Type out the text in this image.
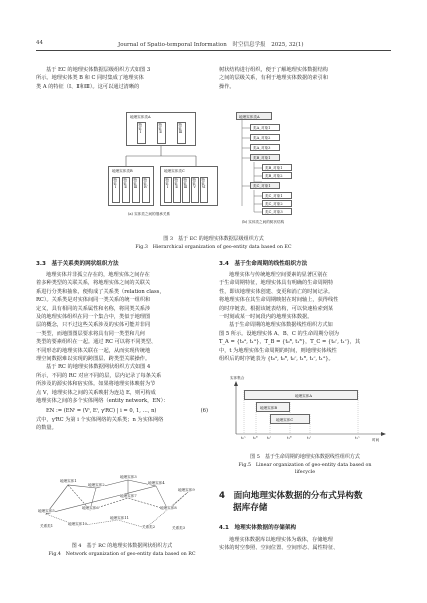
44	Journal of Spatio-temporal Information 时空信息学报 2025, 32(1)

基于 EC 的地理实体数据层级组织方式如图 3

所示。地理实体类 B 和 C 同时集成了地理实体

类 A 的特征（Ⅰ、Ⅱ和Ⅲ）。这可以通过清晰的

树状结构进行组织，便于了解地理实体数据结构

之间的层级关系，有利于地理实体数据的索引和

操作。

地理实体类A
特征Ⅰ	特征Ⅱ	特征Ⅲ
地理实体类B
特征Ⅰ 特征Ⅱ 特征Ⅲ 特征Ⅳ
地理实体类C
特征Ⅰ 特征Ⅱ 特征Ⅲ 特征Ⅴ 特征Ⅵ
(a) 实体类之间的继承关系
地理实体类A
类A_对象1
类A_对象2
类A_对象3
类B_对象1
类B_对象1
类B_对象2
类C_对象1
类C_对象1
类C_对象2
类C_对象3
(b) 实体类之间的树状结构
图 3　基于 EC 的地理实体数据层级组织方式
Fig.3　Hierarchical organization of geo-entity data based on EC
3.3　基于关系类的网状组织方法

地理实体并非孤立存在的，地理实体之间存在

着多种类型的关联关系，将地理实体之间的关联关

系进行分类和抽象，便构成了关系类（relation class，

RC）。关系类是对实体间同一类关系的统一组织和

定义，具有相同的关系属性和名称，将同类关系涉

及的地理实体组织在同一个集合中，类似于地理图

层的概念，只不过这些关系涉及的实体可能并非同

一类型，而地图图层要求将具有同一类型和几何

类型的要素组织在一起。通过 RC 可以将不同类型、

不同形态的地理实体关联在一起，从而实现传统地

理空间数据难以实现的跨图层、跨类型关联操作。

基于 RC 的地理实体数据网状组织方式如图 4

所示，不同的 RC 对应不同的层，层内记录了每条关系

所涉及的源实体和宿实体。如果将地理实体映射为节

点 V，地理实体之间的关系映射为连边 E，则可构成

地理实体之间的多个实体网络（entity network，EN）：

EN := (ENⁱ = (Vⁱ, Eⁱ, γⁱRC) | i = 0, 1, …, n)	(6)

式中，γⁱRC 为第 i 个实体网络的关系类；n 为实体网络

的数量。

地理实体1
地理实体2
地理实体3
地理实体4
地理实体5
地理实体6
地理实体7
地理实体8
地理实体9
地理实体10
地理实体11
关系类1	关系类2	关系类3
图 4　基于 RC 的地理实体数据网状组织方式
Fig.4　Network organization of geo-entity data based on RC
3.4　基于生命周期的线性组织方法

地理实体与传统地理空间要素的显著区别在

于生命周期特征，地理实体具有明确的生命周期特

性，即该地理实体创建、变更和消亡的时间记录。

将地理实体在其生命周期映射在时间轴上，获得线性

的时序链表。根据该链表结构，可以快速检索到某

一时刻或某一时间段内的地理实体数据。

基于生命周期的地理实体数据线性组织方式如

图 5 所示。设地理实体 A、B、C 的生命周期分别为

T_A = {t₀ᴬ, t₁ᴬ}，T_B = {t₀ᴮ, t₁ᴮ}，T_C = {t₀ᶜ, t₁ᶜ}，其

中，t 为地理实体生命周期的时间，则地理实体线性

组织后的时序链表为 {t₀ᴬ, t₀ᴮ, t₀ᶜ, t₁ᴮ, t₁ᶜ, t₁ᴬ}。

实体集合
地理实体A
地理实体B
地理实体C
t₀ᴬ t₀ᴮ	t₀ᶜ	t₁ᴮ	t₁ᶜ	t₁ᴬ	时间
图 5　基于生命周期的地理实体数据线性组织方式
Fig.5　Linear organization of geo-entity data based on
lifecycle
4　面向地理实体数据的分布式异构数
据库存储
4.1　地理实体数据的存储架构

地理实体数据库以地理实体为载体，存储地理

实体的时空参照、空间位置、空间形态、属性特征、
